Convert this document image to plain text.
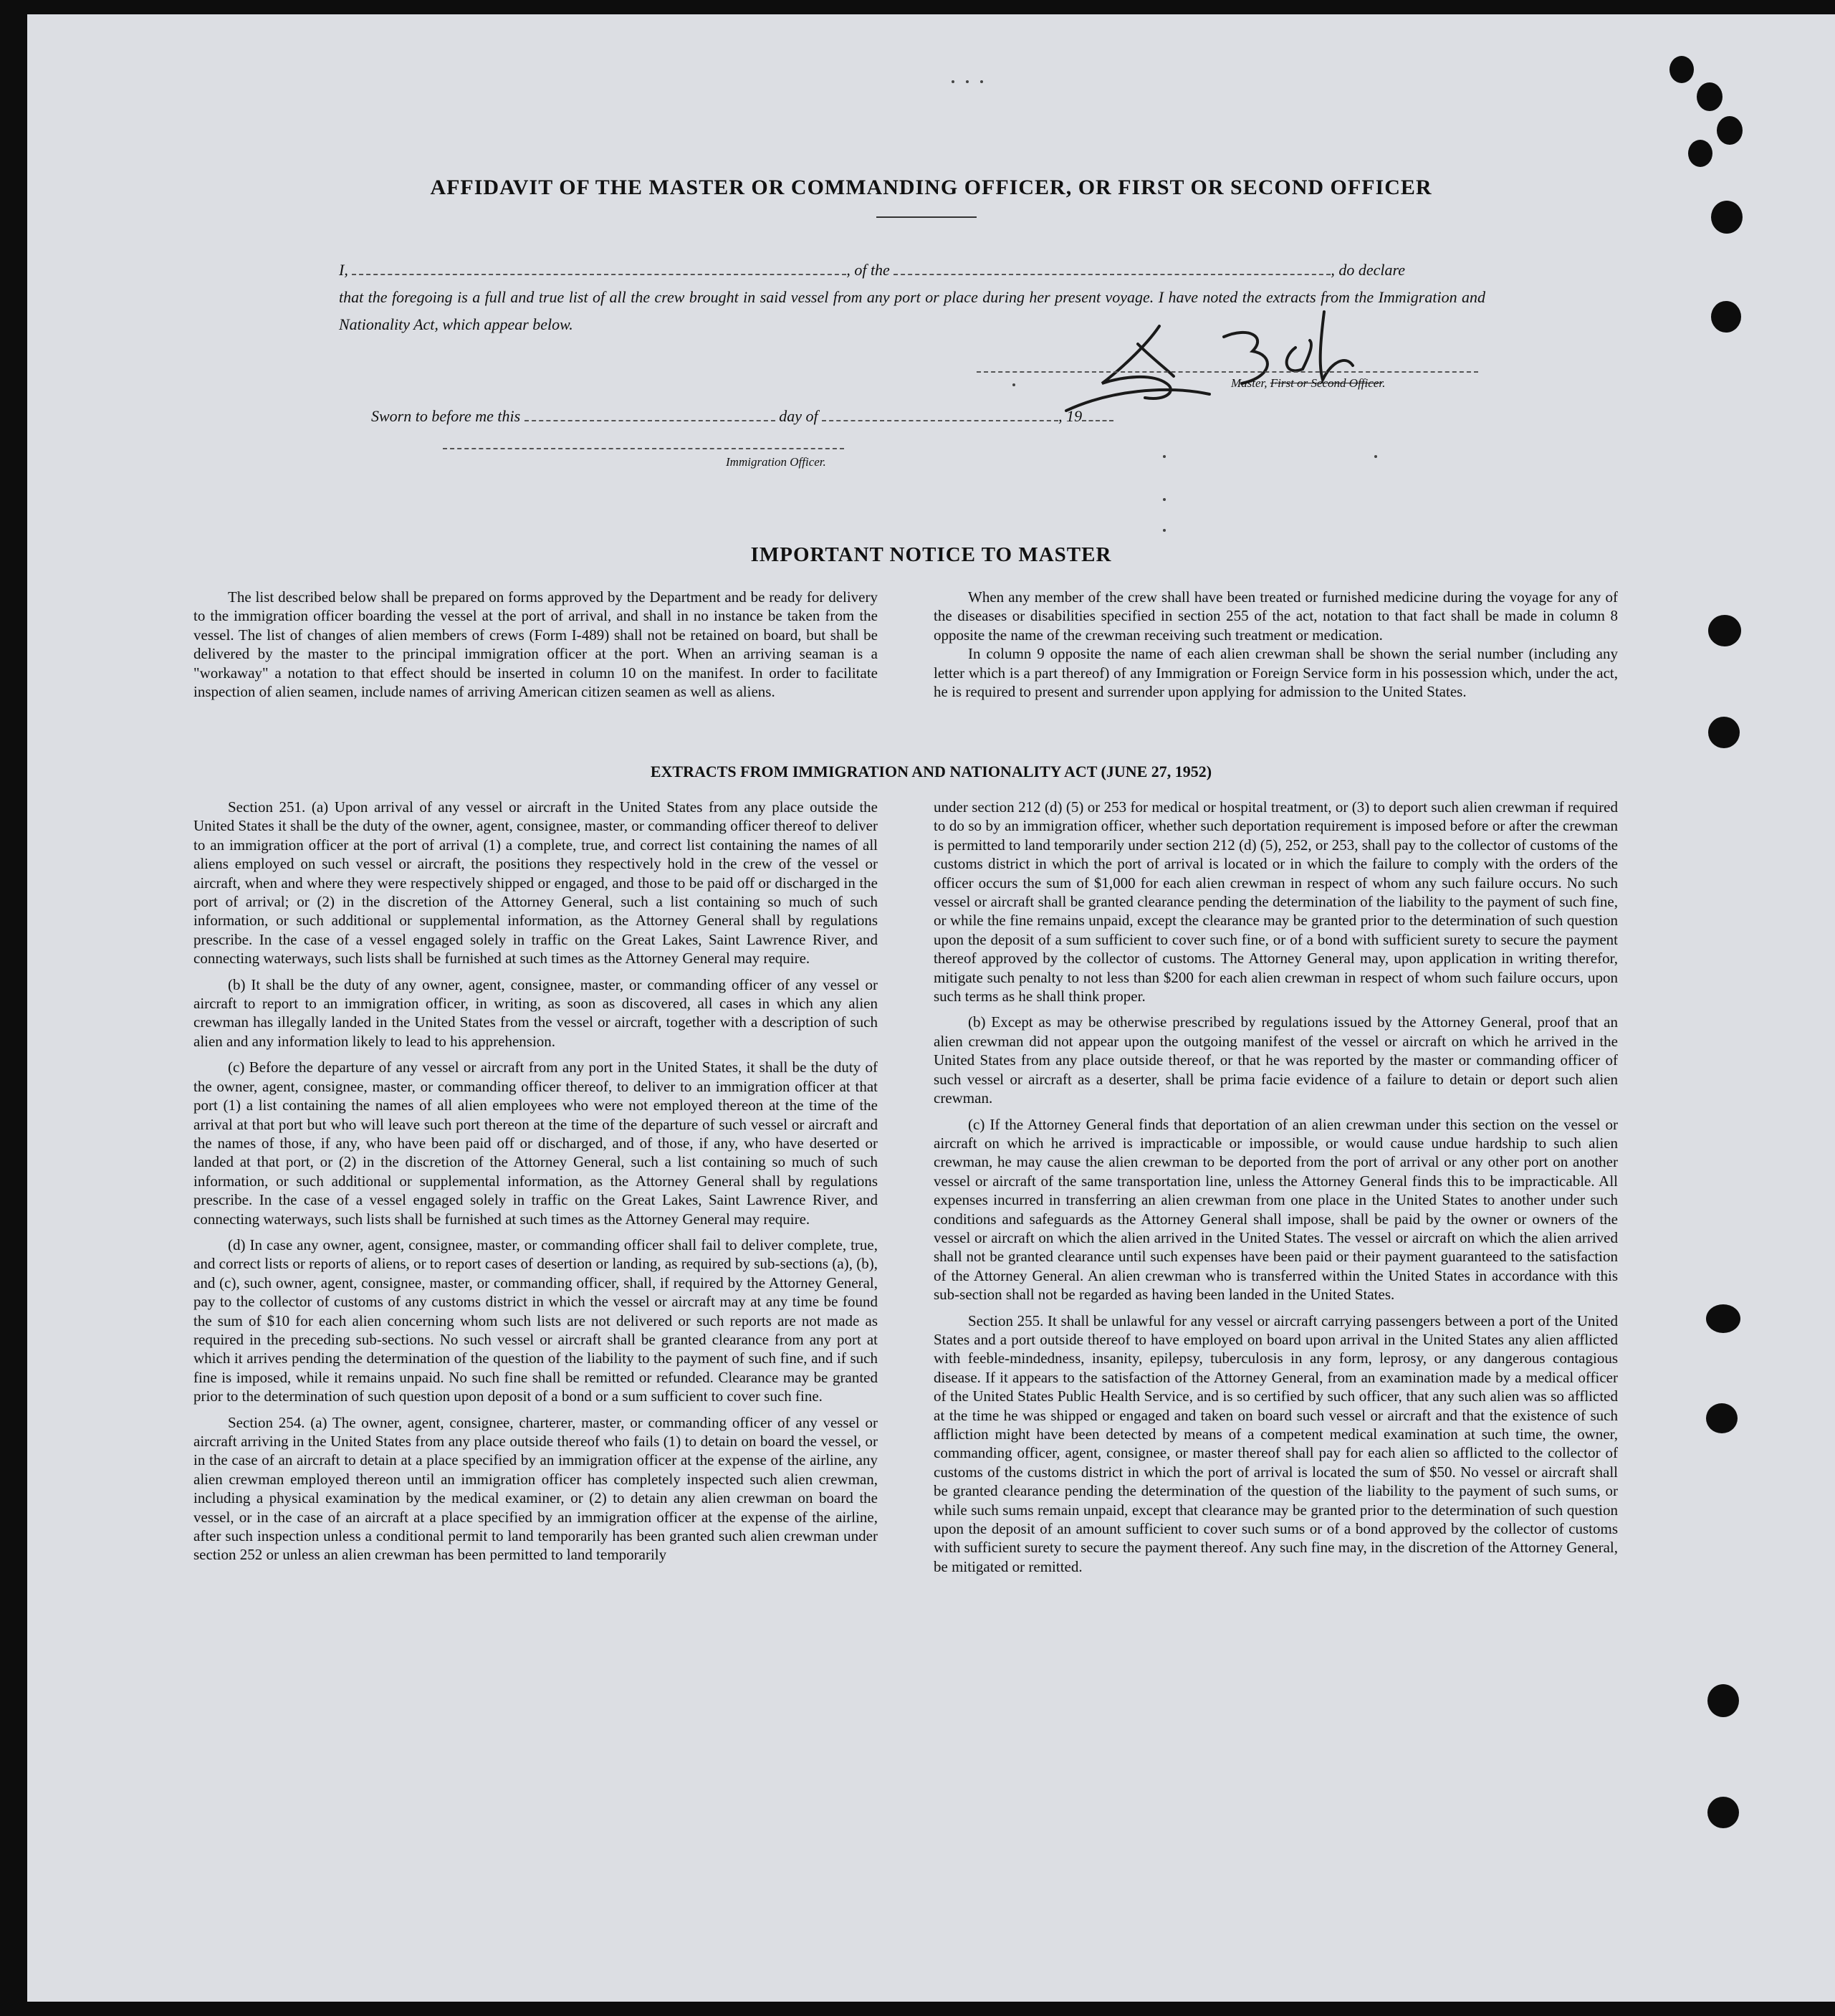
AFFIDAVIT OF THE MASTER OR COMMANDING OFFICER, OR FIRST OR SECOND OFFICER
I,	, of the	, do declare
that the foregoing is a full and true list of all the crew brought in said vessel from any port or place during her present voyage. I have noted the extracts from the Immigration and Nationality Act, which appear below.
Master, First or Second Officer.
Sworn to before me this	day of	, 19
Immigration Officer.
IMPORTANT NOTICE TO MASTER

The list described below shall be prepared on forms approved by the Department and be ready for delivery to the immigration officer boarding the vessel at the port of arrival, and shall in no instance be taken from the vessel. The list of changes of alien members of crews (Form I-489) shall not be retained on board, but shall be delivered by the master to the principal immigration officer at the port. When an arriving seaman is a "workaway" a notation to that effect should be inserted in column 10 on the manifest. In order to facilitate inspection of alien seamen, include names of arriving American citizen seamen as well as aliens.

When any member of the crew shall have been treated or furnished medicine during the voyage for any of the diseases or disabilities specified in section 255 of the act, notation to that fact shall be made in column 8 opposite the name of the crewman receiving such treatment or medication.

In column 9 opposite the name of each alien crewman shall be shown the serial number (including any letter which is a part thereof) of any Immigration or Foreign Service form in his possession which, under the act, he is required to present and surrender upon applying for admission to the United States.

EXTRACTS FROM IMMIGRATION AND NATIONALITY ACT (JUNE 27, 1952)

Section 251. (a) Upon arrival of any vessel or aircraft in the United States from any place outside the United States it shall be the duty of the owner, agent, consignee, master, or commanding officer thereof to deliver to an immigration officer at the port of arrival (1) a complete, true, and correct list containing the names of all aliens employed on such vessel or aircraft, the positions they respectively hold in the crew of the vessel or aircraft, when and where they were respectively shipped or engaged, and those to be paid off or discharged in the port of arrival; or (2) in the discretion of the Attorney General, such a list containing so much of such information, or such additional or supplemental information, as the Attorney General shall by regulations prescribe. In the case of a vessel engaged solely in traffic on the Great Lakes, Saint Lawrence River, and connecting waterways, such lists shall be furnished at such times as the Attorney General may require.

(b) It shall be the duty of any owner, agent, consignee, master, or commanding officer of any vessel or aircraft to report to an immigration officer, in writing, as soon as discovered, all cases in which any alien crewman has illegally landed in the United States from the vessel or aircraft, together with a description of such alien and any information likely to lead to his apprehension.

(c) Before the departure of any vessel or aircraft from any port in the United States, it shall be the duty of the owner, agent, consignee, master, or commanding officer thereof, to deliver to an immigration officer at that port (1) a list containing the names of all alien employees who were not employed thereon at the time of the arrival at that port but who will leave such port thereon at the time of the departure of such vessel or aircraft and the names of those, if any, who have been paid off or discharged, and of those, if any, who have deserted or landed at that port, or (2) in the discretion of the Attorney General, such a list containing so much of such information, or such additional or supplemental information, as the Attorney General shall by regulations prescribe. In the case of a vessel engaged solely in traffic on the Great Lakes, Saint Lawrence River, and connecting waterways, such lists shall be furnished at such times as the Attorney General may require.

(d) In case any owner, agent, consignee, master, or commanding officer shall fail to deliver complete, true, and correct lists or reports of aliens, or to report cases of desertion or landing, as required by sub-sections (a), (b), and (c), such owner, agent, consignee, master, or commanding officer, shall, if required by the Attorney General, pay to the collector of customs of any customs district in which the vessel or aircraft may at any time be found the sum of $10 for each alien concerning whom such lists are not delivered or such reports are not made as required in the preceding sub-sections. No such vessel or aircraft shall be granted clearance from any port at which it arrives pending the determination of the question of the liability to the payment of such fine, and if such fine is imposed, while it remains unpaid. No such fine shall be remitted or refunded. Clearance may be granted prior to the determination of such question upon deposit of a bond or a sum sufficient to cover such fine.

Section 254. (a) The owner, agent, consignee, charterer, master, or commanding officer of any vessel or aircraft arriving in the United States from any place outside thereof who fails (1) to detain on board the vessel, or in the case of an aircraft to detain at a place specified by an immigration officer at the expense of the airline, any alien crewman employed thereon until an immigration officer has completely inspected such alien crewman, including a physical examination by the medical examiner, or (2) to detain any alien crewman on board the vessel, or in the case of an aircraft at a place specified by an immigration officer at the expense of the airline, after such inspection unless a conditional permit to land temporarily has been granted such alien crewman under section 252 or unless an alien crewman has been permitted to land temporarily

under section 212 (d) (5) or 253 for medical or hospital treatment, or (3) to deport such alien crewman if required to do so by an immigration officer, whether such deportation requirement is imposed before or after the crewman is permitted to land temporarily under section 212 (d) (5), 252, or 253, shall pay to the collector of customs of the customs district in which the port of arrival is located or in which the failure to comply with the orders of the officer occurs the sum of $1,000 for each alien crewman in respect of whom any such failure occurs. No such vessel or aircraft shall be granted clearance pending the determination of the liability to the payment of such fine, or while the fine remains unpaid, except the clearance may be granted prior to the determination of such question upon the deposit of a sum sufficient to cover such fine, or of a bond with sufficient surety to secure the payment thereof approved by the collector of customs. The Attorney General may, upon application in writing therefor, mitigate such penalty to not less than $200 for each alien crewman in respect of whom such failure occurs, upon such terms as he shall think proper.

(b) Except as may be otherwise prescribed by regulations issued by the Attorney General, proof that an alien crewman did not appear upon the outgoing manifest of the vessel or aircraft on which he arrived in the United States from any place outside thereof, or that he was reported by the master or commanding officer of such vessel or aircraft as a deserter, shall be prima facie evidence of a failure to detain or deport such alien crewman.

(c) If the Attorney General finds that deportation of an alien crewman under this section on the vessel or aircraft on which he arrived is impracticable or impossible, or would cause undue hardship to such alien crewman, he may cause the alien crewman to be deported from the port of arrival or any other port on another vessel or aircraft of the same transportation line, unless the Attorney General finds this to be impracticable. All expenses incurred in transferring an alien crewman from one place in the United States to another under such conditions and safeguards as the Attorney General shall impose, shall be paid by the owner or owners of the vessel or aircraft on which the alien arrived in the United States. The vessel or aircraft on which the alien arrived shall not be granted clearance until such expenses have been paid or their payment guaranteed to the satisfaction of the Attorney General. An alien crewman who is transferred within the United States in accordance with this sub-section shall not be regarded as having been landed in the United States.

Section 255. It shall be unlawful for any vessel or aircraft carrying passengers between a port of the United States and a port outside thereof to have employed on board upon arrival in the United States any alien afflicted with feeble-mindedness, insanity, epilepsy, tuberculosis in any form, leprosy, or any dangerous contagious disease. If it appears to the satisfaction of the Attorney General, from an examination made by a medical officer of the United States Public Health Service, and is so certified by such officer, that any such alien was so afflicted at the time he was shipped or engaged and taken on board such vessel or aircraft and that the existence of such affliction might have been detected by means of a competent medical examination at such time, the owner, commanding officer, agent, consignee, or master thereof shall pay for each alien so afflicted to the collector of customs of the customs district in which the port of arrival is located the sum of $50. No vessel or aircraft shall be granted clearance pending the determination of the question of the liability to the payment of such sums, or while such sums remain unpaid, except that clearance may be granted prior to the determination of such question upon the deposit of an amount sufficient to cover such sums or of a bond approved by the collector of customs with sufficient surety to secure the payment thereof. Any such fine may, in the discretion of the Attorney General, be mitigated or remitted.
